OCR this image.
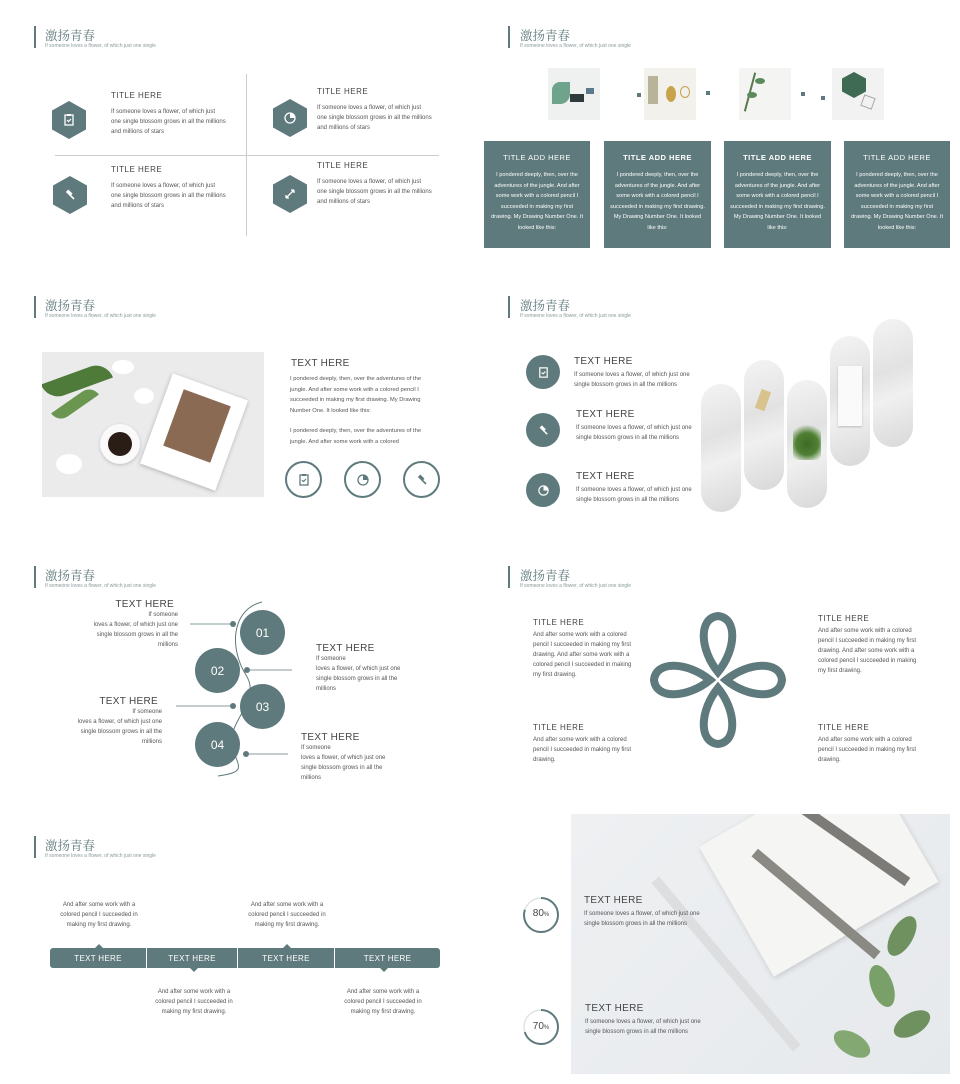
激扬青春
If someone loves a flower, of which just one single
TITLE HERE
If someone loves a flower, of which just one single blossom grows in all the millions and millions of stars
TITLE HERE
If someone loves a flower, of which just one single blossom grows in all the millions and millions of stars
TITLE HERE
If someone loves a flower, of which just one single blossom grows in all the millions and millions of stars
TITLE HERE
If someone loves a flower, of which just one single blossom grows in all the millions and millions of stars
激扬青春
If someone loves a flower, of which just one single
TITLE ADD HERE
I pondered deeply, then, over the adventures of the jungle. And after some work with a colored pencil I succeeded in making my first drawing. My Drawing Number One. It looked like this:
TITLE ADD HERE
I pondered deeply, then, over the adventures of the jungle. And after some work with a colored pencil I succeeded in making my first drawing. My Drawing Number One. It looked like this:
TITLE ADD HERE
I pondered deeply, then, over the adventures of the jungle. And after some work with a colored pencil I succeeded in making my first drawing. My Drawing Number One. It looked like this:
TITLE ADD HERE
I pondered deeply, then, over the adventures of the jungle. And after some work with a colored pencil I succeeded in making my first drawing. My Drawing Number One. It looked like this:
激扬青春
If someone loves a flower, of which just one single
TEXT HERE
I pondered deeply, then, over the adventures of the jungle. And after some work with a colored pencil I succeeded in making my first drawing. My Drawing Number One. It looked like this:
I pondered deeply, then, over the adventures of the jungle. And after some work with a colored
激扬青春
If someone loves a flower, of which just one single
TEXT HERE
If someone loves a flower, of which just one single blossom grows in all the millions
TEXT HERE
If someone loves a flower, of which just one single blossom grows in all the millions
TEXT HERE
If someone loves a flower, of which just one single blossom grows in all the millions
激扬青春
If someone loves a flower, of which just one single
01
02
03
04
TEXT HERE
If someone
loves a flower, of which just one
single blossom grows in all the
millions	TEXT HERE
If someone
loves a flower, of which just one
single blossom grows in all the
millions
TEXT HERE
If someone
loves a flower, of which just one
single blossom grows in all the
millions	TEXT HERE
If someone
loves a flower, of which just one
single blossom grows in all the
millions
激扬青春
If someone loves a flower, of which just one single
TITLE HERE
And after some work with a colored pencil I succeeded in making my first drawing. And after some work with a colored pencil I succeeded in making my first drawing.
TITLE HERE
And after some work with a colored pencil I succeeded in making my first drawing. And after some work with a colored pencil I succeeded in making my first drawing.
TITLE HERE
And after some work with a colored pencil I succeeded in making my first drawing.
TITLE HERE
And after some work with a colored pencil I succeeded in making my first drawing.
激扬青春
If someone loves a flower, of which just one single
And after some work with a colored pencil I succeeded in making my first drawing.
And after some work with a colored pencil I succeeded in making my first drawing.
And after some work with a colored pencil I succeeded in making my first drawing.
And after some work with a colored pencil I succeeded in making my first drawing.
TEXT HERE	TEXT HERE	TEXT HERE	TEXT HERE
80%
TEXT HERE
If someone loves a flower, of which just one single blossom grows in all the millions
70%
TEXT HERE
If someone loves a flower, of which just one single blossom grows in all the millions
